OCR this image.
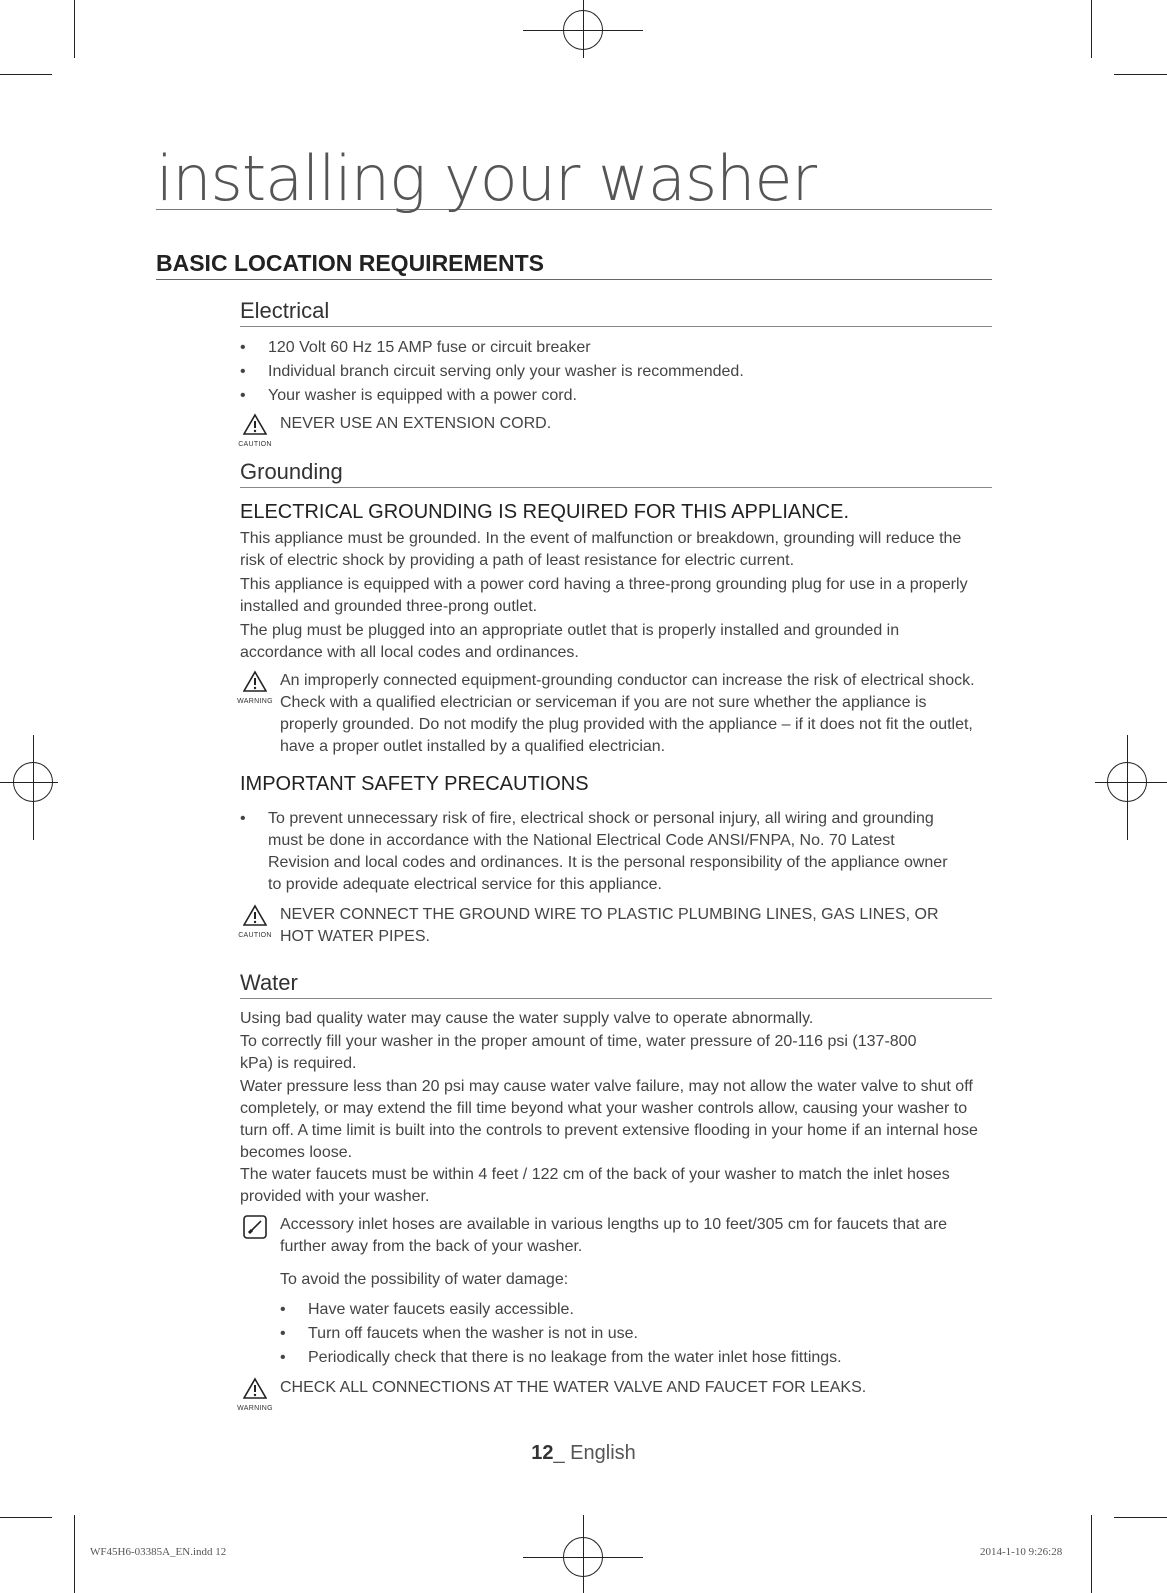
installing your washer
BASIC LOCATION REQUIREMENTS
Electrical
• 120 Volt 60 Hz 15 AMP fuse or circuit breaker
• Individual branch circuit serving only your washer is recommended.
• Your washer is equipped with a power cord.
CAUTION
NEVER USE AN EXTENSION CORD.
Grounding
ELECTRICAL GROUNDING IS REQUIRED FOR THIS APPLIANCE.

This appliance must be grounded. In the event of malfunction or breakdown, grounding will reduce the risk of electric shock by providing a path of least resistance for electric current.

This appliance is equipped with a power cord having a three-prong grounding plug for use in a properly installed and grounded three-prong outlet.

The plug must be plugged into an appropriate outlet that is properly installed and grounded in accordance with all local codes and ordinances.

WARNING
An improperly connected equipment-grounding conductor can increase the risk of electrical shock. Check with a qualified electrician or serviceman if you are not sure whether the appliance is properly grounded. Do not modify the plug provided with the appliance – if it does not fit the outlet, have a proper outlet installed by a qualified electrician.
IMPORTANT SAFETY PRECAUTIONS
• To prevent unnecessary risk of fire, electrical shock or personal injury, all wiring and grounding must be done in accordance with the National Electrical Code ANSI/FNPA, No. 70 Latest Revision and local codes and ordinances. It is the personal responsibility of the appliance owner to provide adequate electrical service for this appliance.
CAUTION
NEVER CONNECT THE GROUND WIRE TO PLASTIC PLUMBING LINES, GAS LINES, OR HOT WATER PIPES.
Water

Using bad quality water may cause the water supply valve to operate abnormally.

To correctly fill your washer in the proper amount of time, water pressure of 20-116 psi (137-800 kPa) is required.

Water pressure less than 20 psi may cause water valve failure, may not allow the water valve to shut off completely, or may extend the fill time beyond what your washer controls allow, causing your washer to turn off. A time limit is built into the controls to prevent extensive flooding in your home if an internal hose becomes loose.

The water faucets must be within 4 feet / 122 cm of the back of your washer to match the inlet hoses provided with your washer.

Accessory inlet hoses are available in various lengths up to 10 feet/305 cm for faucets that are further away from the back of your washer.

To avoid the possibility of water damage:

• Have water faucets easily accessible.
• Turn off faucets when the washer is not in use.
• Periodically check that there is no leakage from the water inlet hose fittings.
WARNING
CHECK ALL CONNECTIONS AT THE WATER VALVE AND FAUCET FOR LEAKS.
12_ English
WF45H6-03385A_EN.indd 12	2014-1-10 9:26:28
